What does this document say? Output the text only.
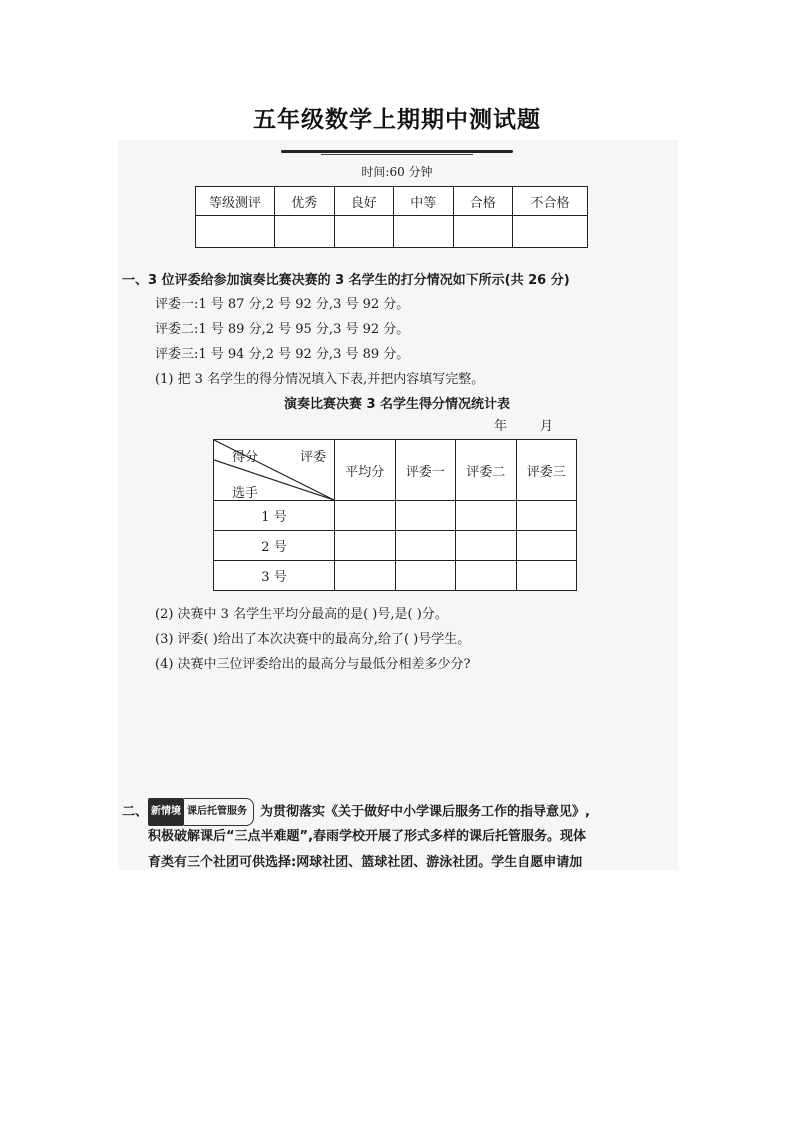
五年级数学上期期中测试题
时间:60 分钟
等级测评	优秀	良好	中等	合格	不合格

一、3 位评委给参加演奏比赛决赛的 3 名学生的打分情况如下所示(共 26 分)
评委一:1 号 87 分,2 号 92 分,3 号 92 分。
评委二:1 号 89 分,2 号 95 分,3 号 92 分。
评委三:1 号 94 分,2 号 92 分,3 号 89 分。
(1) 把 3 名学生的得分情况填入下表,并把内容填写完整。
演奏比赛决赛 3 名学生得分情况统计表
年	月
得分 评委
选手	平均分	评委一	评委二	评委三
1 号				
2 号				
3 号				
(2) 决赛中 3 名学生平均分最高的是( )号,是( )分。
(3) 评委( )给出了本次决赛中的最高分,给了( )号学生。
(4) 决赛中三位评委给出的最高分与最低分相差多少分?
二、 新情境 课后托管服务 为贯彻落实《关于做好中小学课后服务工作的指导意见》,
积极破解课后“三点半难题”,春雨学校开展了形式多样的课后托管服务。现体
育类有三个社团可供选择:网球社团、篮球社团、游泳社团。学生自愿申请加
